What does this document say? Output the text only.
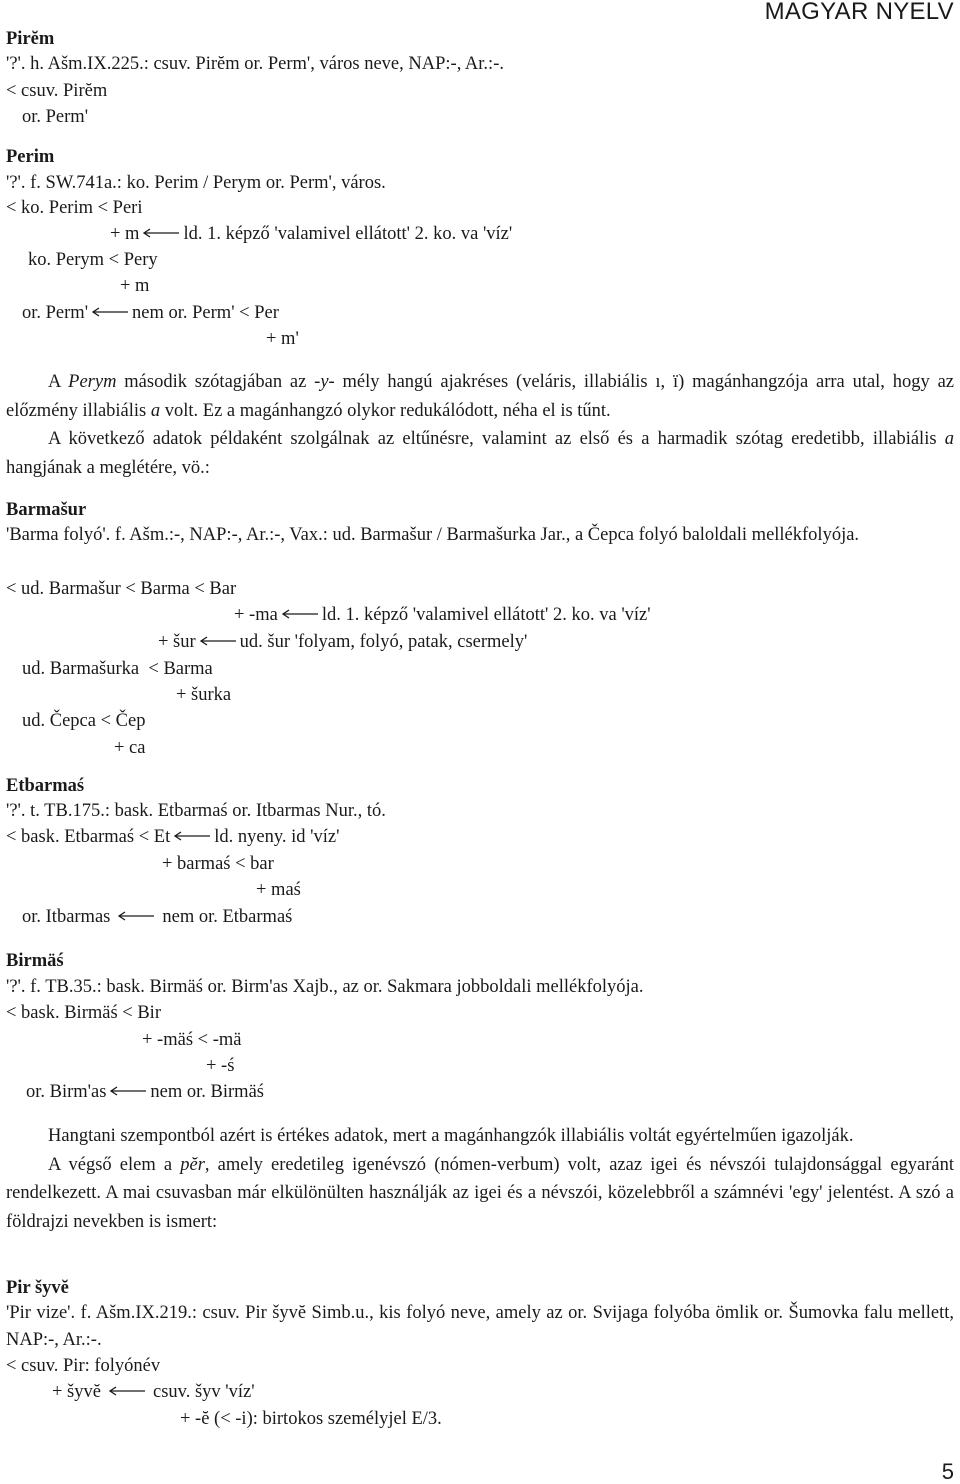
MAGYAR NYELV
Pirĕm
'?'. h. Ašm.IX.225.: csuv. Pirĕm or. Perm', város neve, NAP:-, Ar.:-.
< csuv. Pirĕm
or. Perm'
Perim
'?'. f. SW.741a.: ko. Perim / Perym or. Perm', város.
< ko. Perim < Peri
+ m ld. 1. képző 'valamivel ellátott' 2. ko. va 'víz'
ko. Perym < Pery
+ m
or. Perm' nem or. Perm' < Per
+ m'
A Perym második szótagjában az -y- mély hangú ajakréses (veláris, illabiális ı, ï) magánhangzója arra utal, hogy az előzmény illabiális a volt. Ez a magánhangzó olykor redukálódott, néha el is tűnt.
A következő adatok példaként szolgálnak az eltűnésre, valamint az első és a harmadik szótag eredetibb, illabiális a hangjának a meglétére, vö.:
Barmašur
'Barma folyó'. f. Ašm.:-, NAP:-, Ar.:-, Vax.: ud. Barmašur / Barmašurka Jar., a Čepca folyó baloldali mellékfolyója.
< ud. Barmašur < Barma < Bar
+ -ma ld. 1. képző 'valamivel ellátott' 2. ko. va 'víz'
+ šur ud. šur 'folyam, folyó, patak, csermely'
ud. Barmašurka  < Barma
+ šurka
ud. Čepca < Čep
+ ca
Etbarmaś
'?'. t. TB.175.: bask. Etbarmaś or. Itbarmas Nur., tó.
< bask. Etbarmaś < Et ld. nyeny. id 'víz'
+ barmaś < bar
+ maś
or. Itbarmas	nem or. Etbarmaś
Birmäś
'?'. f. TB.35.: bask. Birmäś or. Birm'as Xajb., az or. Sakmara jobboldali mellékfolyója.
< bask. Birmäś < Bir
+ -mäś < -mä
+ -ś
or. Birm'as nem or. Birmäś
Hangtani szempontból azért is értékes adatok, mert a magánhangzók illabiális voltát egyértelműen igazolják.
A végső elem a pĕr, amely eredetileg igenévszó (nómen-verbum) volt, azaz igei és névszói tulajdonsággal egyaránt rendelkezett. A mai csuvasban már elkülönülten használják az igei és a névszói, közelebbről a számnévi 'egy' jelentést. A szó a földrajzi nevekben is ismert:
Pir šyvĕ
'Pir vize'. f. Ašm.IX.219.: csuv. Pir šyvĕ Simb.u., kis folyó neve, amely az or. Svijaga folyóba ömlik or. Šumovka falu mellett, NAP:-, Ar.:-.
< csuv. Pir: folyónév
+ šyvĕ	csuv. šyv 'víz'
+ -ĕ (< -i): birtokos személyjel E/3.
5
